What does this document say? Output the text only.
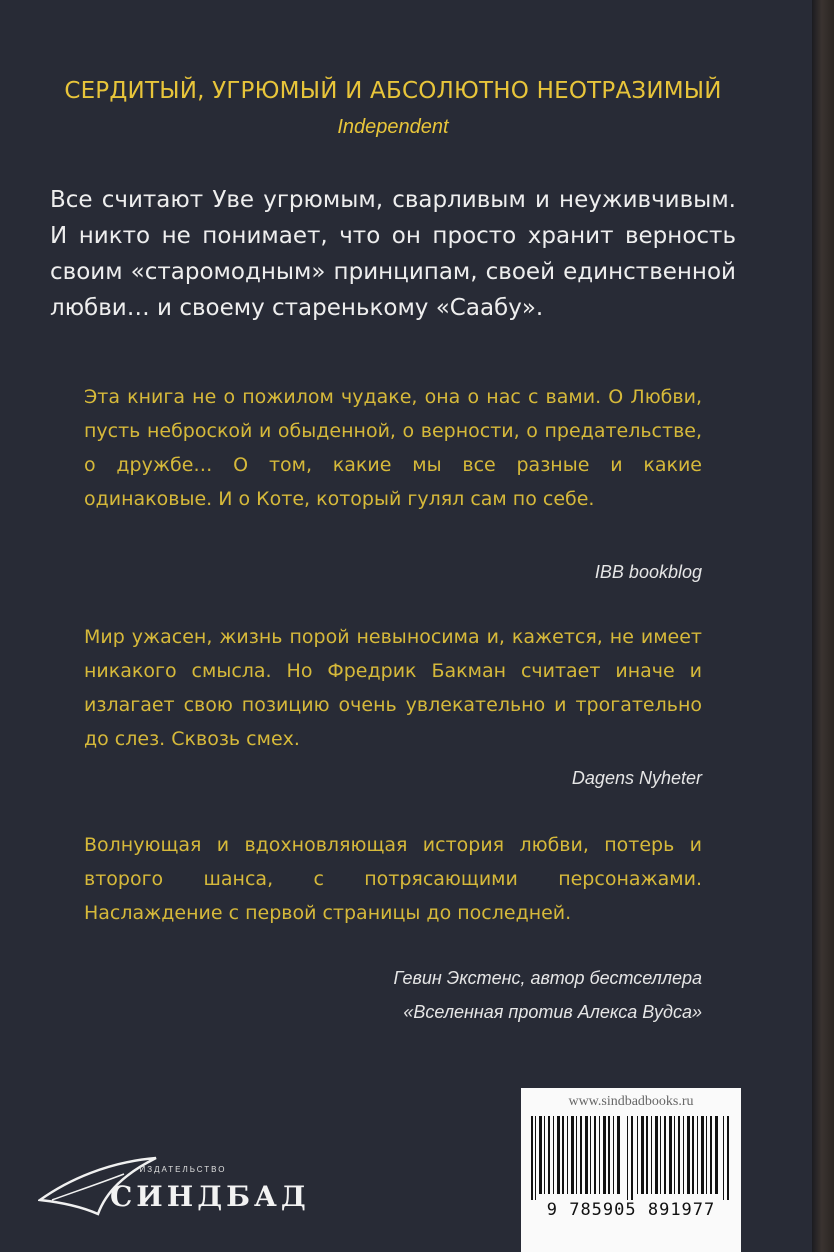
СЕРДИТЫЙ, УГРЮМЫЙ И АБСОЛЮТНО НЕОТРАЗИМЫЙ
Independent
Все считают Уве угрюмым, сварливым и неуживчивым. И никто не понимает, что он просто хранит верность своим «старомодным» принципам, своей единственной любви… и своему старенькому «Саабу».
Эта книга не о пожилом чудаке, она о нас с вами. О Любви, пусть неброской и обыденной, о верности, о предательстве, о дружбе… О том, какие мы все разные и какие одинаковые. И о Коте, который гулял сам по себе.
IBB bookblog
Мир ужасен, жизнь порой невыносима и, кажется, не имеет никакого смысла. Но Фредрик Бакман считает иначе и излагает свою позицию очень увлекательно и трогательно до слез. Сквозь смех.
Dagens Nyheter
Волнующая и вдохновляющая история любви, потерь и второго шанса, с потрясающими персонажами. Наслаждение с первой страницы до последней.
Гевин Экстенс, автор бестселлера
«Вселенная против Алекса Вудса»
ИЗДАТЕЛЬСТВО
СИНДБАД
www.sindbadbooks.ru
9 785905 891977
